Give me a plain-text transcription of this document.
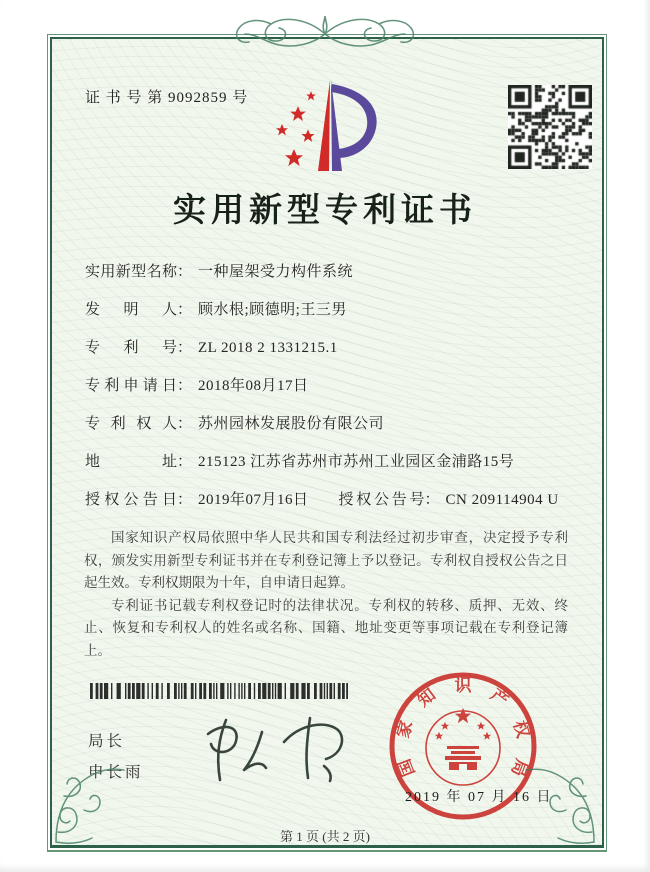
证 书 号 第 9092859 号
实用新型专利证书
实用新型名称 ： 一种屋架受力构件系统
发明人 ： 顾水根;顾德明;王三男
专利号 ： ZL 2018 2 1331215.1
专利申请日 ： 2018年08月17日
专利权人 ： 苏州园林发展股份有限公司
地址 ： 215123 江苏省苏州市苏州工业园区金浦路15号
授权公告日 ： 2019年07月16日 授权公告号 ： CN 209114904 U

国家知识产权局依照中华人民共和国专利法经过初步审查，决定授予专利权，颁发实用新型专利证书并在专利登记簿上予以登记。专利权自授权公告之日起生效。专利权期限为十年，自申请日起算。

专利证书记载专利权登记时的法律状况。专利权的转移、质押、无效、终止、恢复和专利权人的姓名或名称、国籍、地址变更等事项记载在专利登记簿上。

局长
申长雨	国
家
知 识 产
权
局
2019 年 07 月 16 日
第 1 页 (共 2 页)
